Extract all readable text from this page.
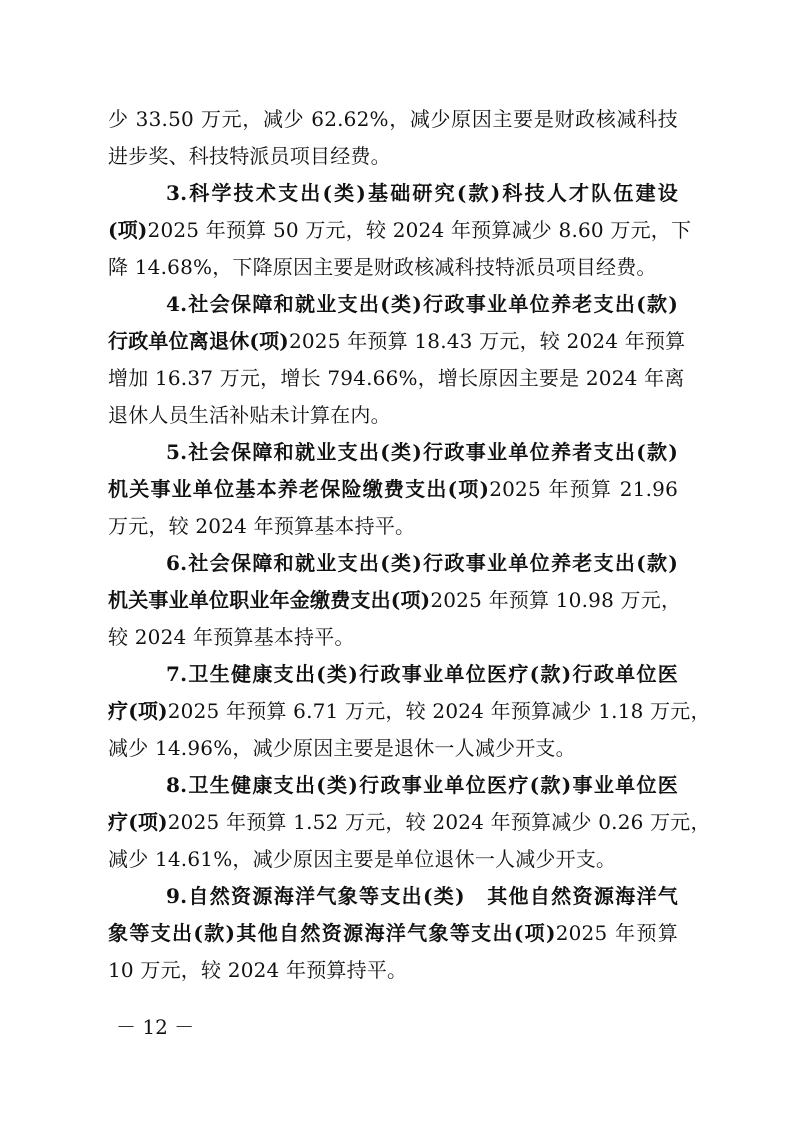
少 33.50 万元，减少 62.62%，减少原因主要是财政核减科技
进步奖、科技特派员项目经费。
3.科学技术支出(类)基础研究(款)科技人才队伍建设
(项)2025 年预算 50 万元，较 2024 年预算减少 8.60 万元，下
降 14.68%，下降原因主要是财政核减科技特派员项目经费。
4.社会保障和就业支出(类)行政事业单位养老支出(款)
行政单位离退休(项)2025 年预算 18.43 万元，较 2024 年预算
增加 16.37 万元，增长 794.66%，增长原因主要是 2024 年离
退休人员生活补贴未计算在内。
5.社会保障和就业支出(类)行政事业单位养者支出(款)
机关事业单位基本养老保险缴费支出(项)2025 年预算 21.96
万元，较 2024 年预算基本持平。
6.社会保障和就业支出(类)行政事业单位养老支出(款)
机关事业单位职业年金缴费支出(项)2025 年预算 10.98 万元，
较 2024 年预算基本持平。
7.卫生健康支出(类)行政事业单位医疗(款)行政单位医
疗(项)2025 年预算 6.71 万元，较 2024 年预算减少 1.18 万元，
减少 14.96%，减少原因主要是退休一人减少开支。
8.卫生健康支出(类)行政事业单位医疗(款)事业单位医
疗(项)2025 年预算 1.52 万元，较 2024 年预算减少 0.26 万元，
减少 14.61%，减少原因主要是单位退休一人减少开支。
9.自然资源海洋气象等支出(类)　其他自然资源海洋气
象等支出(款)其他自然资源海洋气象等支出(项)2025 年预算
10 万元，较 2024 年预算持平。
－ 12 －
